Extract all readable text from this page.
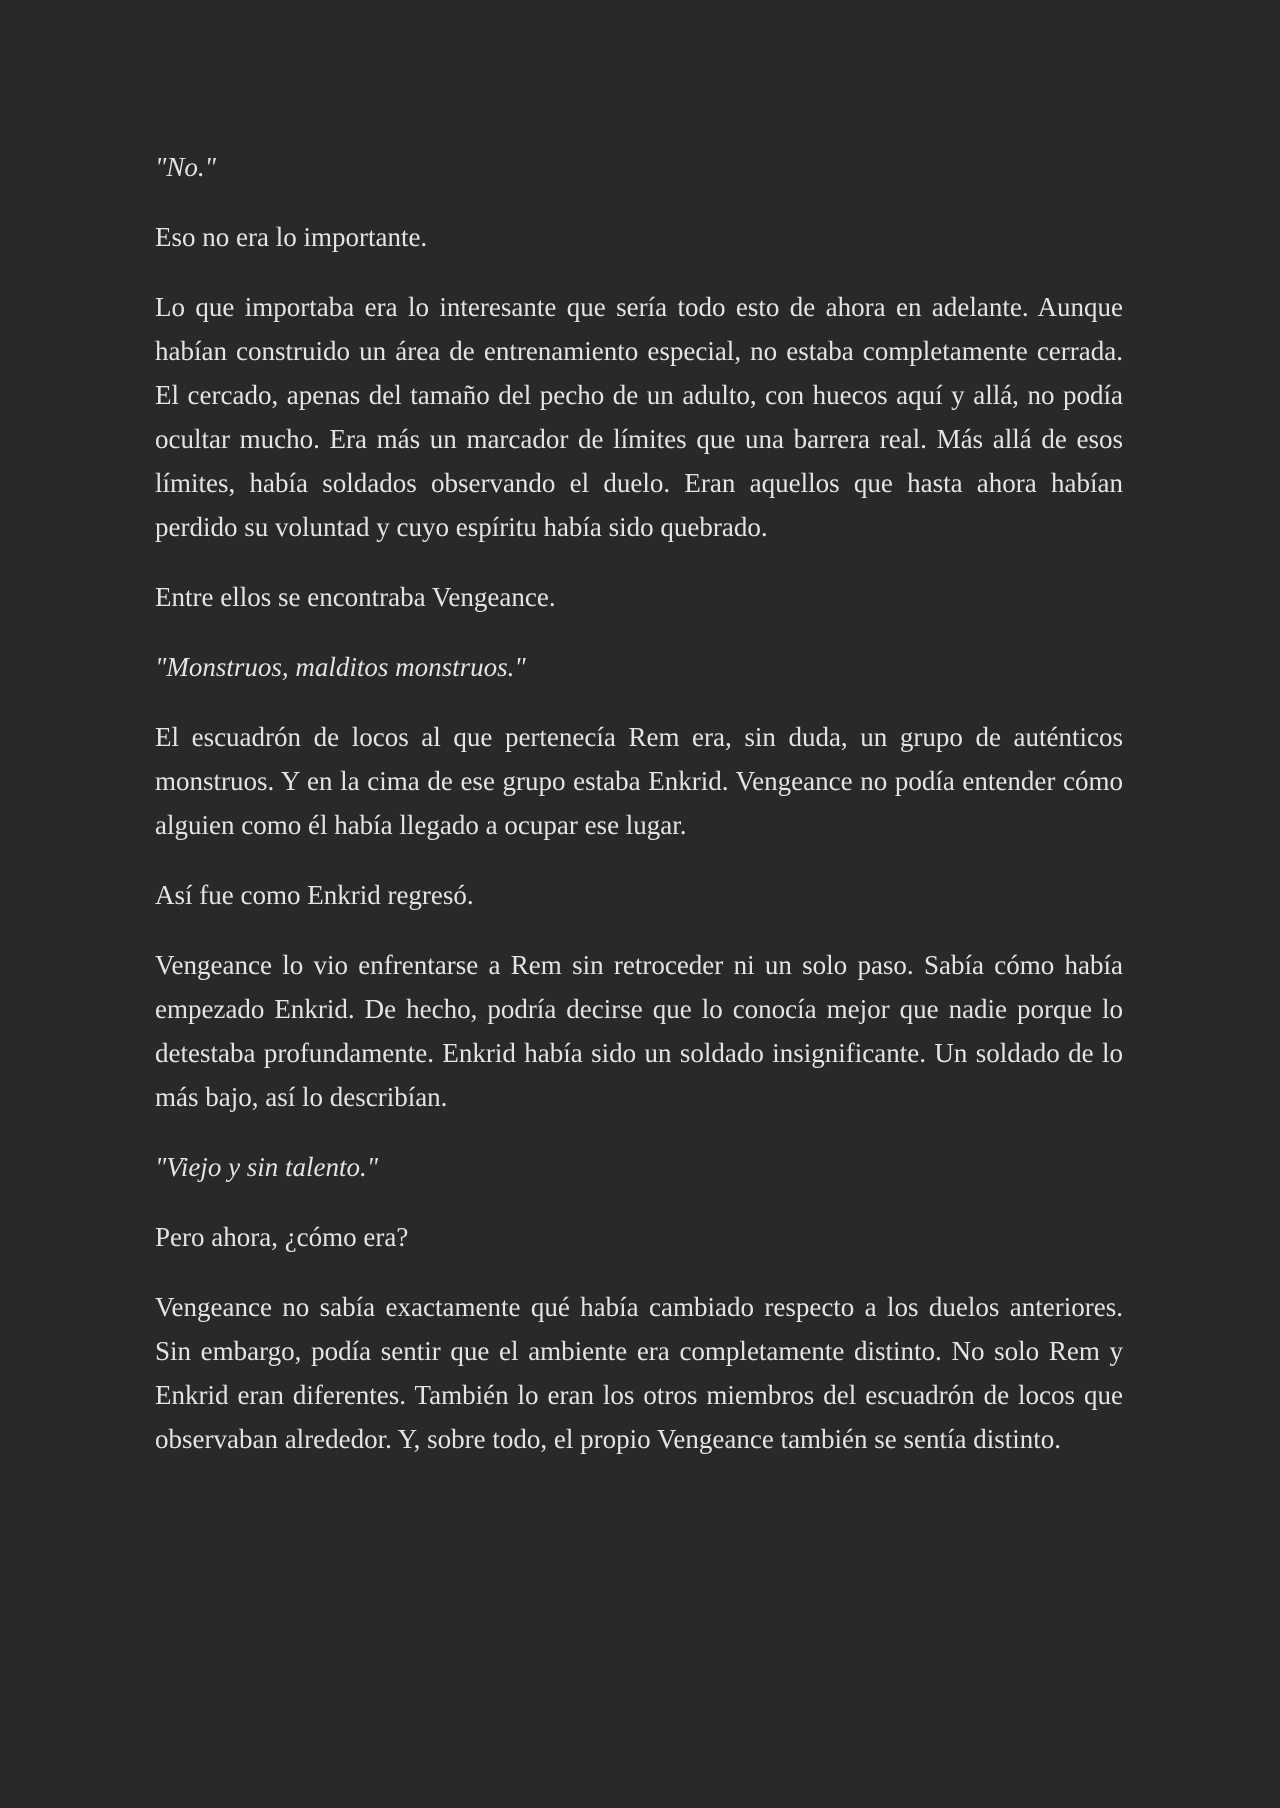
"No."

Eso no era lo importante.

Lo que importaba era lo interesante que sería todo esto de ahora en adelante. Aunque habían construido un área de entrenamiento especial, no estaba completamente cerrada. El cercado, apenas del tamaño del pecho de un adulto, con huecos aquí y allá, no podía ocultar mucho. Era más un marcador de límites que una barrera real. Más allá de esos límites, había soldados observando el duelo. Eran aquellos que hasta ahora habían perdido su voluntad y cuyo espíritu había sido quebrado.

Entre ellos se encontraba Vengeance.

"Monstruos, malditos monstruos."

El escuadrón de locos al que pertenecía Rem era, sin duda, un grupo de auténticos monstruos. Y en la cima de ese grupo estaba Enkrid. Vengeance no podía entender cómo alguien como él había llegado a ocupar ese lugar.

Así fue como Enkrid regresó.

Vengeance lo vio enfrentarse a Rem sin retroceder ni un solo paso. Sabía cómo había empezado Enkrid. De hecho, podría decirse que lo conocía mejor que nadie porque lo detestaba profundamente. Enkrid había sido un soldado insignificante. Un soldado de lo más bajo, así lo describían.

"Viejo y sin talento."

Pero ahora, ¿cómo era?

Vengeance no sabía exactamente qué había cambiado respecto a los duelos anteriores. Sin embargo, podía sentir que el ambiente era completamente distinto. No solo Rem y Enkrid eran diferentes. También lo eran los otros miembros del escuadrón de locos que observaban alrededor. Y, sobre todo, el propio Vengeance también se sentía distinto.
